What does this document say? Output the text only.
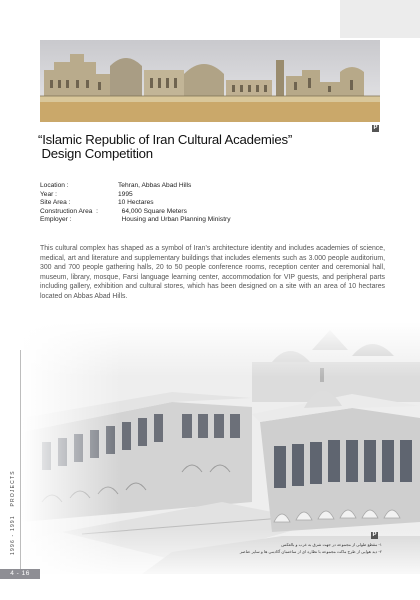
P
“Islamic Republic of Iran Cultural Academies”
Design Competition
Location :	Tehran, Abbas Abad Hills
Year :	1995
Site Area :	10 Hectares
Construction Area  :	64,000 Square Meters
Employer :	Housing and Urban Planning Ministry
This cultural complex has shaped as a symbol of Iran’s architecture identity and includes academies of science, medical, art and literature and supplementary buildings that includes elements such as 3.000 people auditorium, 300 and 700 people gathering halls, 20 to 50 people conference rooms, reception center and ceremonial hall, museum, library, mosque, Farsi language learning center, accommodation for VIP guests, and peripheral parts including gallery, exhibition and cultural stores, which has been designed on a site with an area of 10 hectares located on Abbas Abad Hills.
P
1996 - 1991 PROJECTS
۱- مقطع طولی از مجموعه در جهت شرق به غرب و بالعکس
۲- دید هوایی از طرح ماکت مجموعه با نظاره ای از ساختمان آکادمی ها و سایر عناصر
4 - 16
